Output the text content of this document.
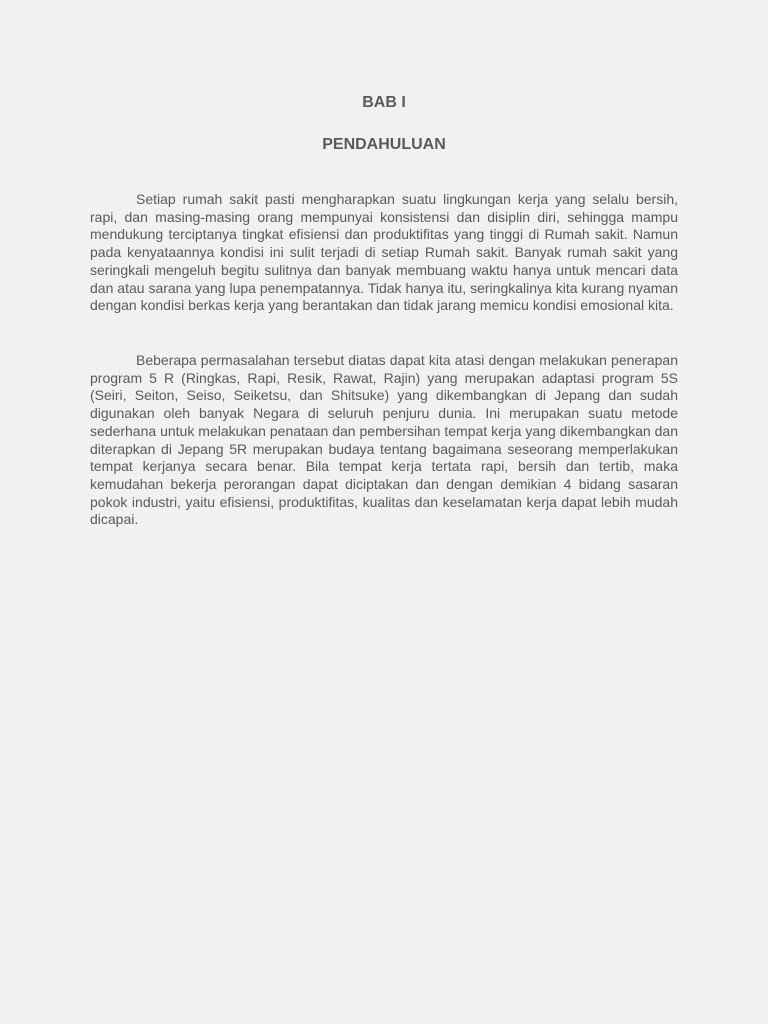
BAB I
PENDAHULUAN

Setiap rumah sakit pasti mengharapkan suatu lingkungan kerja yang selalu bersih, rapi, dan masing-masing orang mempunyai konsistensi dan disiplin diri, sehingga mampu mendukung terciptanya tingkat efisiensi dan produktifitas yang tinggi di Rumah sakit. Namun pada kenyataannya kondisi ini sulit terjadi di setiap Rumah sakit. Banyak rumah sakit yang seringkali mengeluh begitu sulitnya dan banyak membuang waktu hanya untuk mencari data dan atau sarana yang lupa penempatannya. Tidak hanya itu, seringkalinya kita kurang nyaman dengan kondisi berkas kerja yang berantakan dan tidak jarang memicu kondisi emosional kita.

Beberapa permasalahan tersebut diatas dapat kita atasi dengan melakukan penerapan program 5 R (Ringkas, Rapi, Resik, Rawat, Rajin) yang merupakan adaptasi program 5S (Seiri, Seiton, Seiso, Seiketsu, dan Shitsuke) yang dikembangkan di Jepang dan sudah digunakan oleh banyak Negara di seluruh penjuru dunia. Ini merupakan suatu metode sederhana untuk melakukan penataan dan pembersihan tempat kerja yang dikembangkan dan diterapkan di Jepang 5R merupakan budaya tentang bagaimana seseorang memperlakukan tempat kerjanya secara benar. Bila tempat kerja tertata rapi, bersih dan tertib, maka kemudahan bekerja perorangan dapat diciptakan dan dengan demikian 4 bidang sasaran pokok industri, yaitu efisiensi, produktifitas, kualitas dan keselamatan kerja dapat lebih mudah dicapai.
